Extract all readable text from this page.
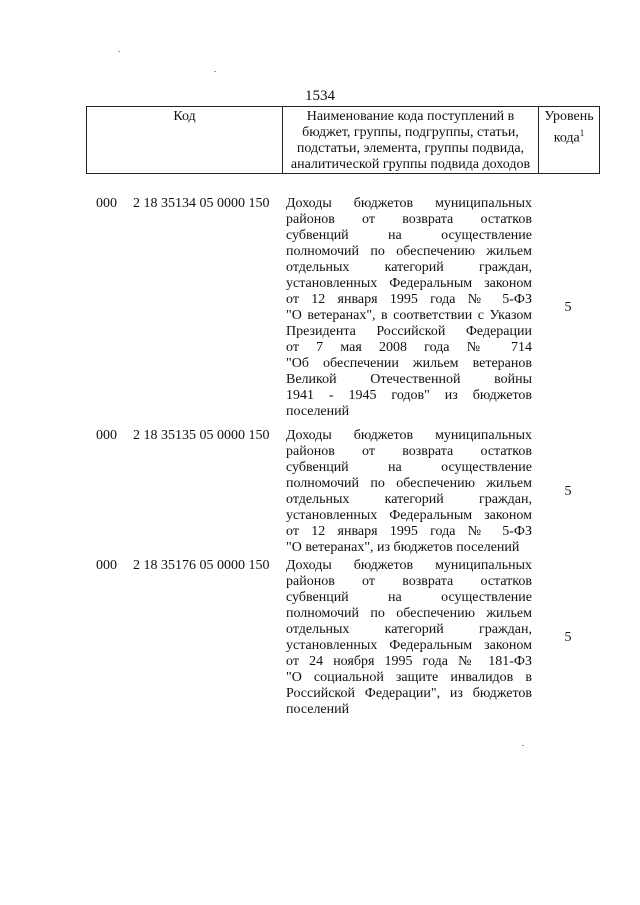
1534
Код	Наименование кода поступлений в
бюджет, группы, подгруппы, статьи,
подстатьи, элемента, группы подвида,
аналитической группы подвида доходов
Уровень
кода$^1$
000 2 18 35134 05 0000 150 Доходы бюджетов муниципальных
районов от возврата остатков
субвенций на осуществление
полномочий по обеспечению жильем
отдельных категорий граждан,
установленных Федеральным законом
от 12 января 1995 года № 5-ФЗ
"О ветеранах", в соответствии с Указом
Президента Российской Федерации
от 7 мая 2008 года № 714
"Об обеспечении жильем ветеранов
Великой Отечественной войны
1941 - 1945 годов" из бюджетов
поселений
5
000 2 18 35135 05 0000 150 Доходы бюджетов муниципальных
районов от возврата остатков
субвенций на осуществление
полномочий по обеспечению жильем
отдельных категорий граждан,
установленных Федеральным законом
от 12 января 1995 года № 5-ФЗ
"О ветеранах", из бюджетов поселений
5
000 2 18 35176 05 0000 150 Доходы бюджетов муниципальных
районов от возврата остатков
субвенций на осуществление
полномочий по обеспечению жильем
отдельных категорий граждан,
установленных Федеральным законом
от 24 ноября 1995 года № 181-ФЗ
"О социальной защите инвалидов в
Российской Федерации", из бюджетов
поселений
5
